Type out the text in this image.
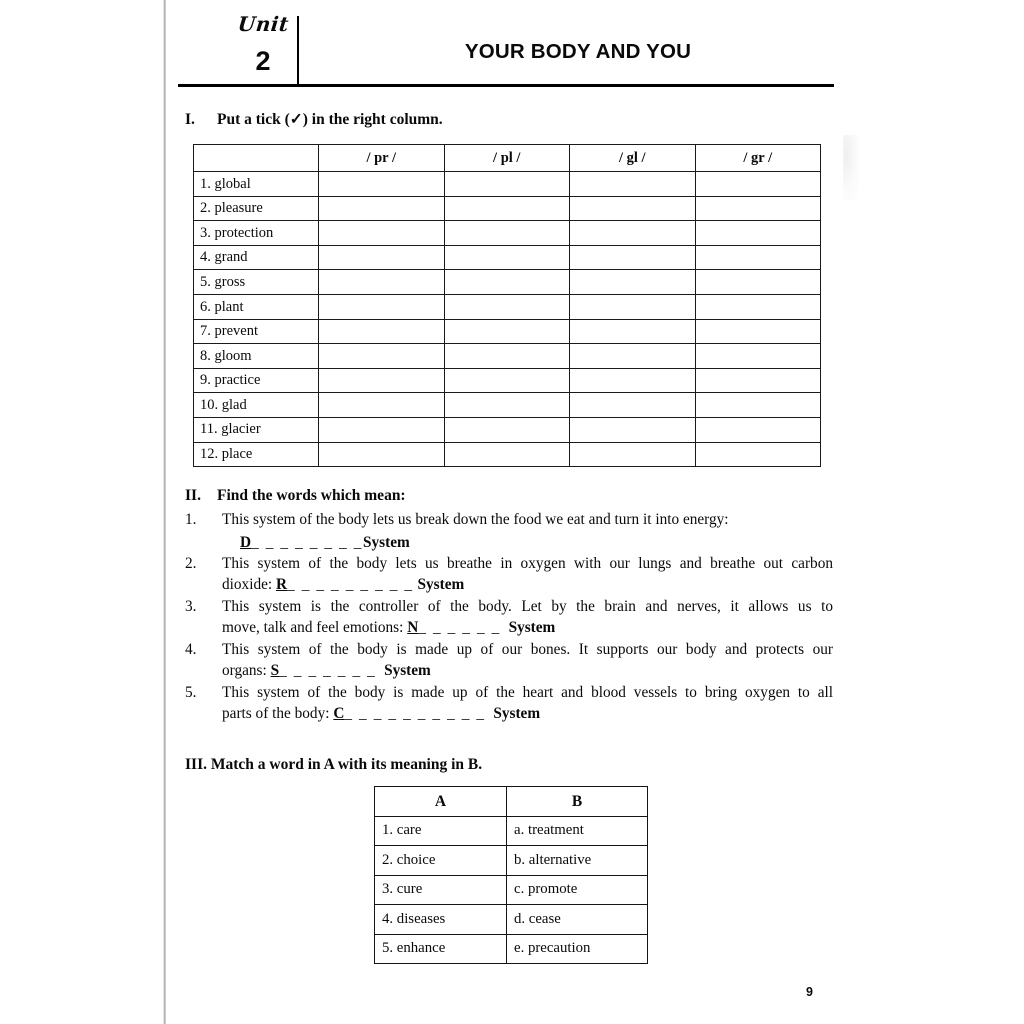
Unit
2	YOUR BODY AND YOU
I. Put a tick (✓) in the right column.
	/ pr /	/ pl /	/ gl /	/ gr /
1. global				
2. pleasure				
3. protection				
4. grand				
5. gross				
6. plant				
7. prevent				
8. gloom				
9. practice				
10. glad				
11. glacier				
12. place				
II. Find the words which mean:
1.	This system of the body lets us break down the food we eat and turn it into energy:
D_ _ _ _ _ _ _ _System
2.	This system of the body lets us breathe in oxygen with our lungs and breathe out carbon
dioxide: R_ _ _ _ _ _ _ _ _ System
3.	This system is the controller of the body. Let by the brain and nerves, it allows us to
move, talk and feel emotions: N_ _ _ _ _ _ System
4.	This system of the body is made up of our bones. It supports our body and protects our
organs: S_ _ _ _ _ _ _ System
5.	This system of the body is made up of the heart and blood vessels to bring oxygen to all
parts of the body: C_ _ _ _ _ _ _ _ _ _ System
III. Match a word in A with its meaning in B.
A	B
1. care	a. treatment
2. choice	b. alternative
3. cure	c. promote
4. diseases	d. cease
5. enhance	e. precaution
9
